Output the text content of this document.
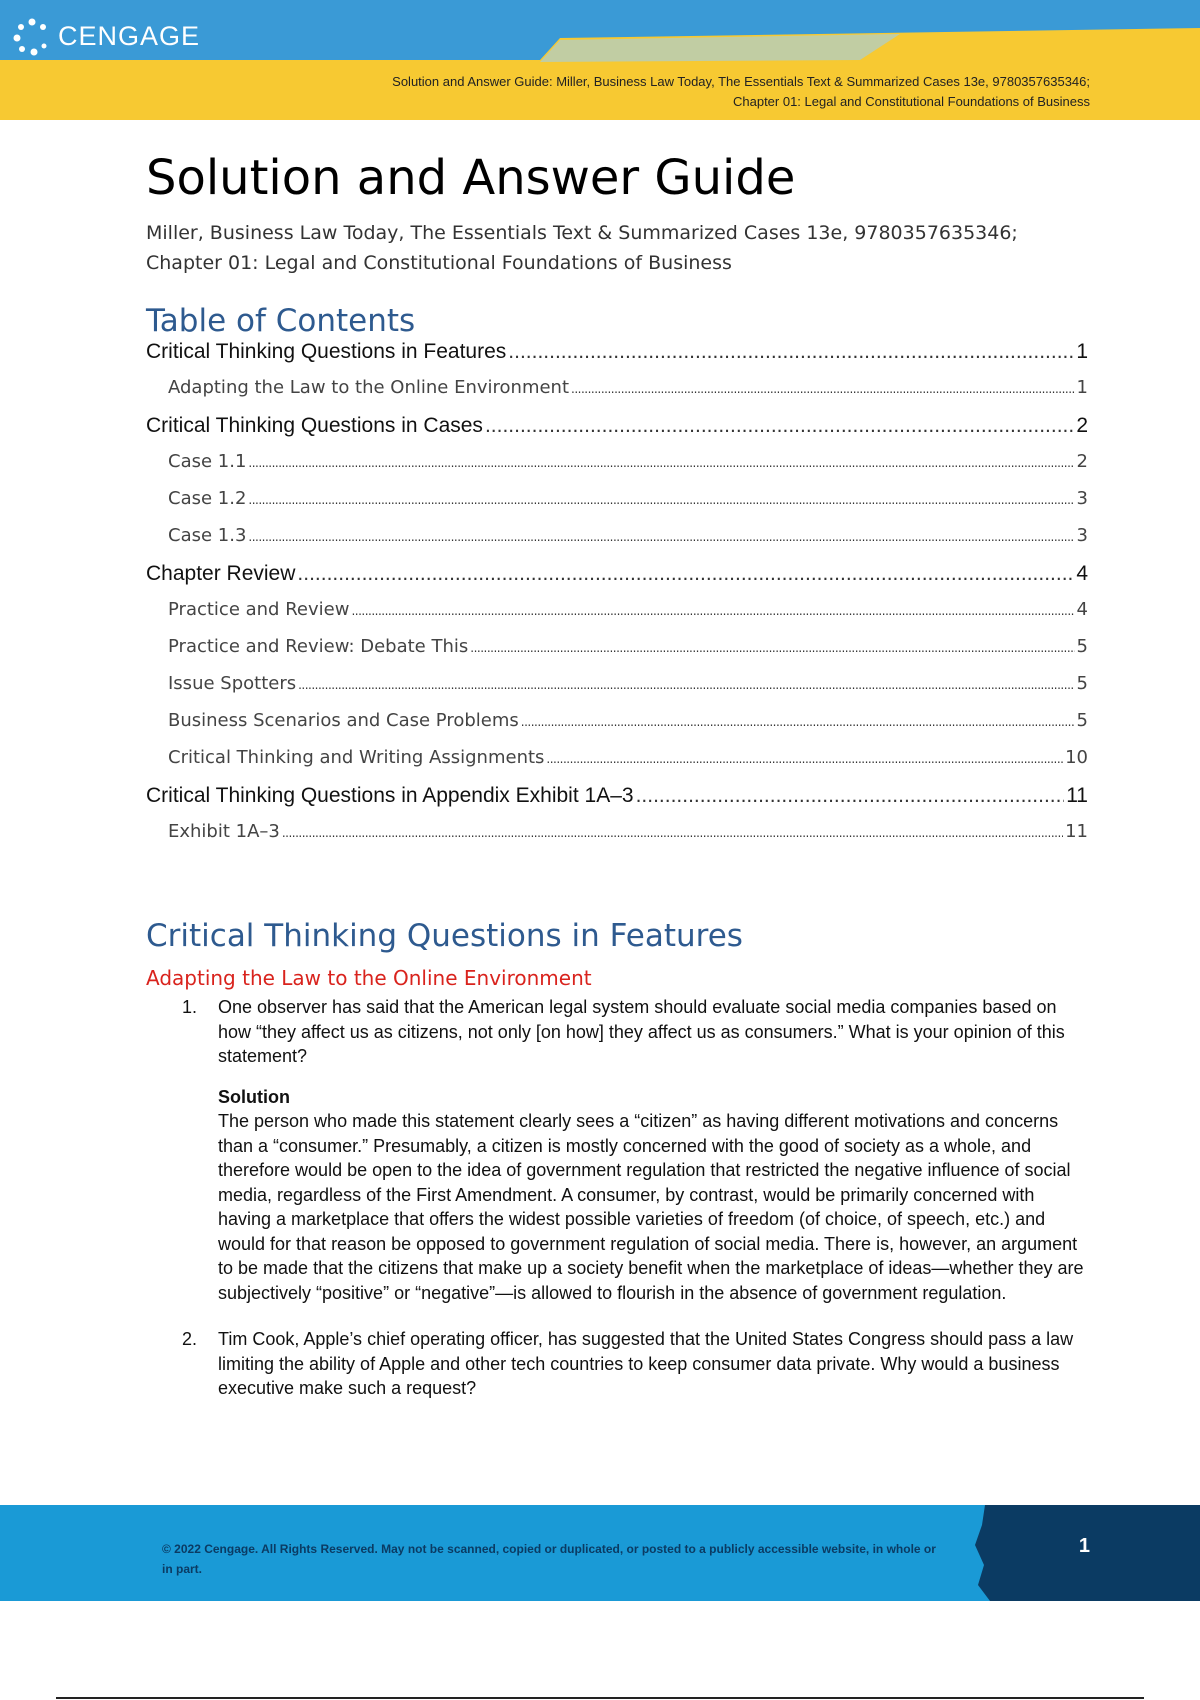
CENGAGE
Solution and Answer Guide: Miller, Business Law Today, The Essentials Text & Summarized Cases 13e, 9780357635346;
Chapter 01: Legal and Constitutional Foundations of Business
Solution and Answer Guide
Miller, Business Law Today, The Essentials Text & Summarized Cases 13e, 9780357635346;
Chapter 01: Legal and Constitutional Foundations of Business
Table of Contents
Critical Thinking Questions in Features .....	1
Adapting the Law to the Online Environment .....	1
Critical Thinking Questions in Cases .....	2
Case 1.1 .....	2
Case 1.2 .....	3
Case 1.3 .....	3
Chapter Review .....	4
Practice and Review .....	4
Practice and Review: Debate This .....	5
Issue Spotters .....	5
Business Scenarios and Case Problems .....	5
Critical Thinking and Writing Assignments .....	10
Critical Thinking Questions in Appendix Exhibit 1A–3 .....	11
Exhibit 1A–3 .....	11
Critical Thinking Questions in Features
Adapting the Law to the Online Environment
1.	One observer has said that the American legal system should evaluate social media companies based on how “they affect us as citizens, not only [on how] they affect us as consumers.” What is your opinion of this statement?
Solution
The person who made this statement clearly sees a “citizen” as having different motivations and concerns than a “consumer.” Presumably, a citizen is mostly concerned with the good of society as a whole, and therefore would be open to the idea of government regulation that restricted the negative influence of social media, regardless of the First Amendment. A consumer, by contrast, would be primarily concerned with having a marketplace that offers the widest possible varieties of freedom (of choice, of speech, etc.) and would for that reason be opposed to government regulation of social media. There is, however, an argument to be made that the citizens that make up a society benefit when the marketplace of ideas—whether they are subjectively “positive” or “negative”—is allowed to flourish in the absence of government regulation.
2.	Tim Cook, Apple’s chief operating officer, has suggested that the United States Congress should pass a law limiting the ability of Apple and other tech countries to keep consumer data private. Why would a business executive make such a request?
© 2022 Cengage. All Rights Reserved. May not be scanned, copied or duplicated, or posted to a publicly accessible website, in whole or in part.
1
